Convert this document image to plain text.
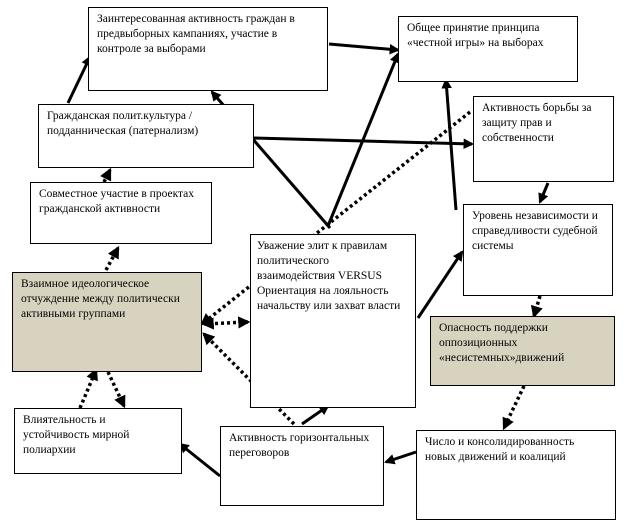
Заинтересованная активность граждан в предвыборных кампаниях, участие в контроле за выборами
Общее принятие принципа «честной игры» на выборах
Гражданская полит.культура / подданническая (патернализм)
Активность борьбы за защиту прав и собственности
Совместное участие в проектах гражданской активности
Уровень независимости и справедливости судебной системы
Взаимное идеологическое отчуждение между политически активными группами
Уважение элит к правилам политического взаимодействия VERSUS Ориентация на лояльность начальству или захват власти
Опасность поддержки оппозиционных «несистемных»движений
Влиятельность и устойчивость мирной полиархии
Активность горизонтальных переговоров
Число и консолидированность новых движений и коалиций
